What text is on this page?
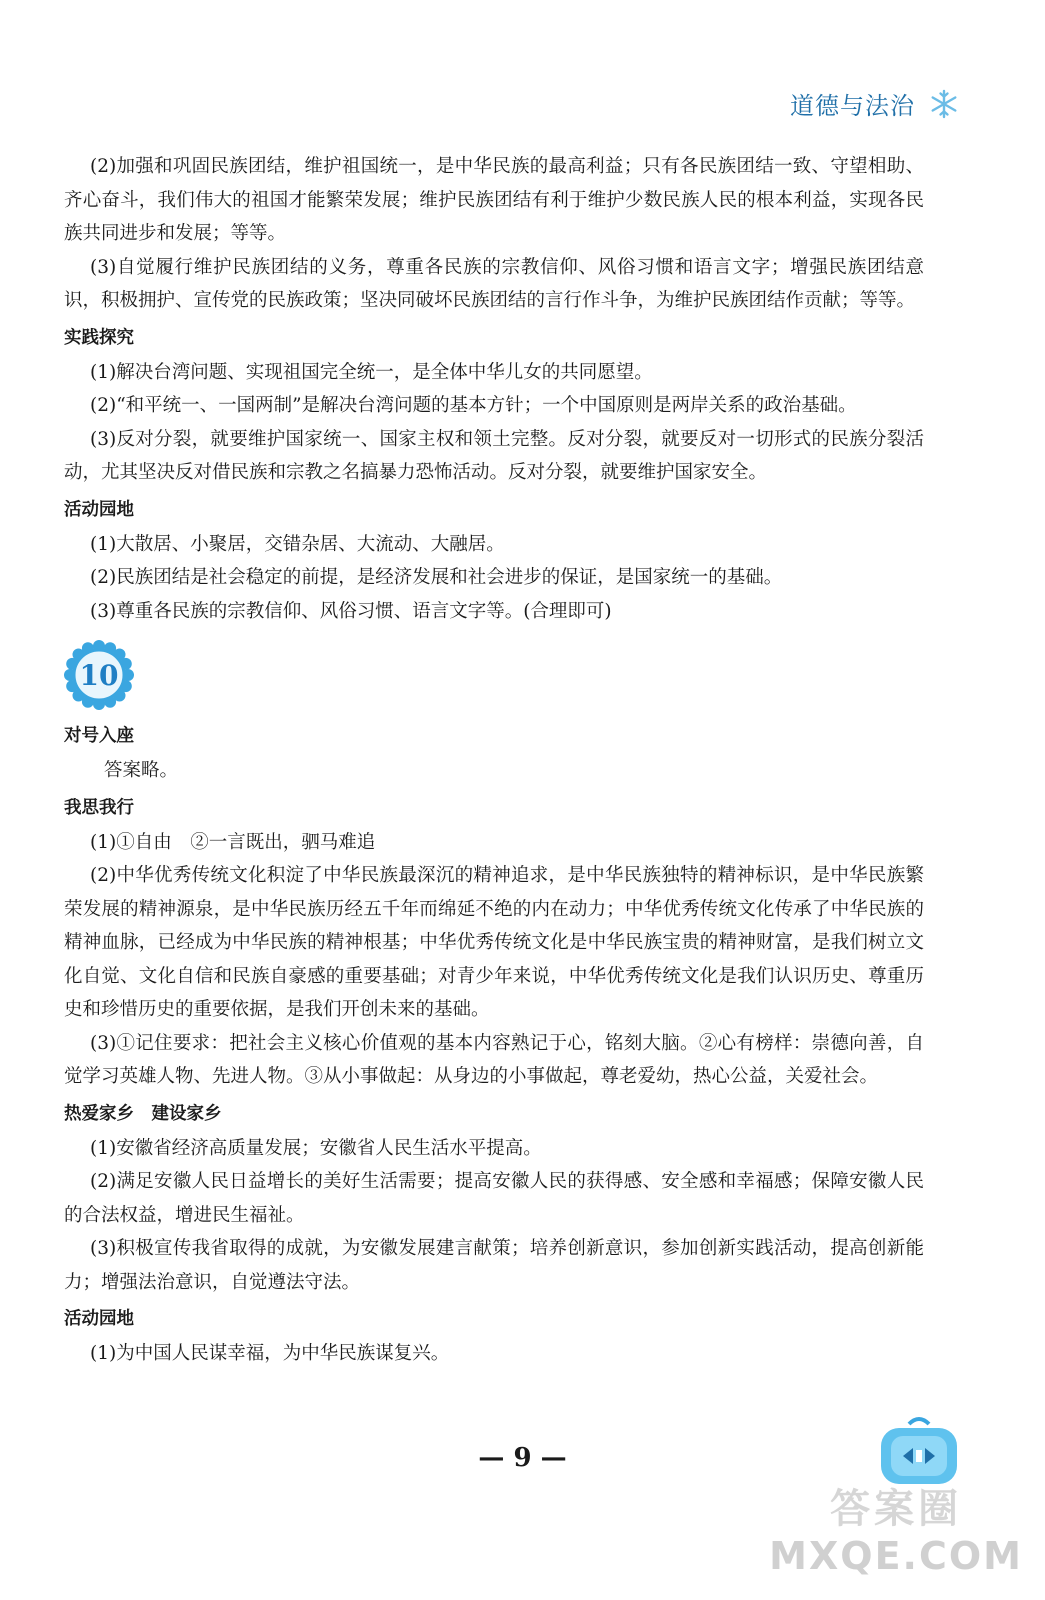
道德与法治

(2)加强和巩固民族团结，维护祖国统一，是中华民族的最高利益；只有各民族团结一致、守望相助、齐心奋斗，我们伟大的祖国才能繁荣发展；维护民族团结有利于维护少数民族人民的根本利益，实现各民族共同进步和发展；等等。

(3)自觉履行维护民族团结的义务，尊重各民族的宗教信仰、风俗习惯和语言文字；增强民族团结意识，积极拥护、宣传党的民族政策；坚决同破坏民族团结的言行作斗争，为维护民族团结作贡献；等等。

实践探究

(1)解决台湾问题、实现祖国完全统一，是全体中华儿女的共同愿望。

(2)“和平统一、一国两制”是解决台湾问题的基本方针；一个中国原则是两岸关系的政治基础。

(3)反对分裂，就要维护国家统一、国家主权和领土完整。反对分裂，就要反对一切形式的民族分裂活动，尤其坚决反对借民族和宗教之名搞暴力恐怖活动。反对分裂，就要维护国家安全。

活动园地

(1)大散居、小聚居，交错杂居、大流动、大融居。

(2)民族团结是社会稳定的前提，是经济发展和社会进步的保证，是国家统一的基础。

(3)尊重各民族的宗教信仰、风俗习惯、语言文字等。(合理即可)

10
对号入座

答案略。

我思我行

(1)①自由　②一言既出，驷马难追

(2)中华优秀传统文化积淀了中华民族最深沉的精神追求，是中华民族独特的精神标识，是中华民族繁荣发展的精神源泉，是中华民族历经五千年而绵延不绝的内在动力；中华优秀传统文化传承了中华民族的精神血脉，已经成为中华民族的精神根基；中华优秀传统文化是中华民族宝贵的精神财富，是我们树立文化自觉、文化自信和民族自豪感的重要基础；对青少年来说，中华优秀传统文化是我们认识历史、尊重历史和珍惜历史的重要依据，是我们开创未来的基础。

(3)①记住要求：把社会主义核心价值观的基本内容熟记于心，铭刻大脑。②心有榜样：崇德向善，自觉学习英雄人物、先进人物。③从小事做起：从身边的小事做起，尊老爱幼，热心公益，关爱社会。

热爱家乡　建设家乡

(1)安徽省经济高质量发展；安徽省人民生活水平提高。

(2)满足安徽人民日益增长的美好生活需要；提高安徽人民的获得感、安全感和幸福感；保障安徽人民的合法权益，增进民生福祉。

(3)积极宣传我省取得的成就，为安徽发展建言献策；培养创新意识，参加创新实践活动，提高创新能力；增强法治意识，自觉遵法守法。

活动园地

(1)为中国人民谋幸福，为中华民族谋复兴。

— 9 —
答案圈
MXQE.COM
